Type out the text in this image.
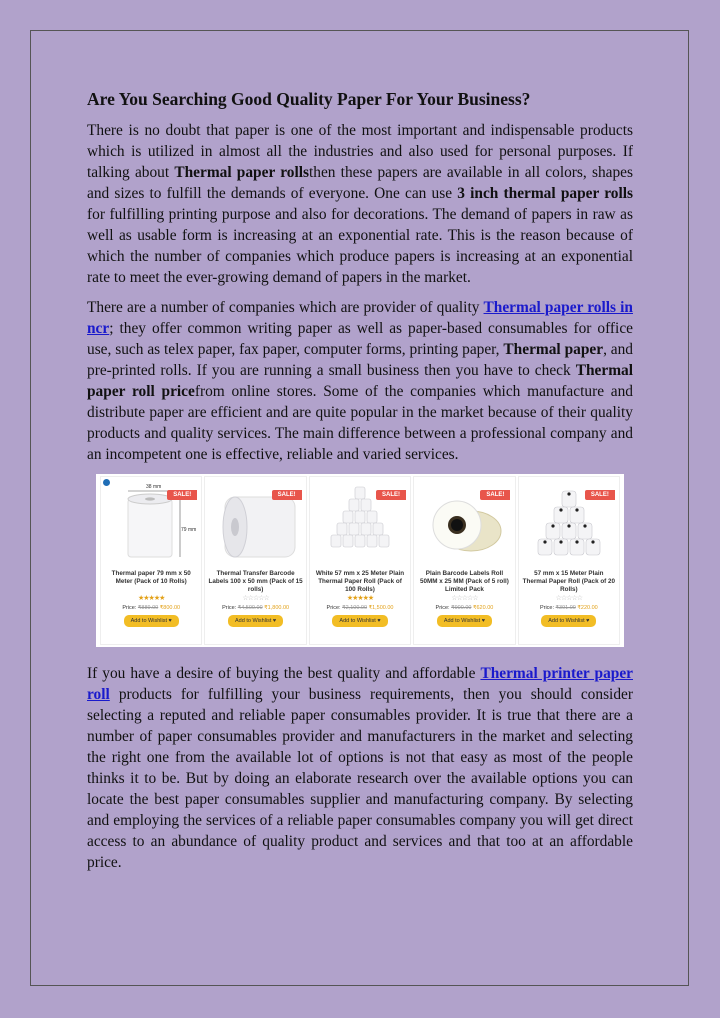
Are You Searching Good Quality Paper For Your Business?

There is no doubt that paper is one of the most important and indispensable products which is utilized in almost all the industries and also used for personal purposes. If talking about Thermal paper rollsthen these papers are available in all colors, shapes and sizes to fulfill the demands of everyone. One can use 3 inch thermal paper rolls for fulfilling printing purpose and also for decorations. The demand of papers in raw as well as usable form is increasing at an exponential rate. This is the reason because of which the number of companies which produce papers is increasing at an exponential rate to meet the ever-growing demand of papers in the market.

There are a number of companies which are provider of quality Thermal paper rolls in ncr; they offer common writing paper as well as paper-based consumables for office use, such as telex paper, fax paper, computer forms, printing paper, Thermal paper, and pre-printed rolls. If you are running a small business then you have to check Thermal paper roll pricefrom online stores. Some of the companies which manufacture and distribute paper are efficient and are quite popular in the market because of their quality products and quality services. The main difference between a professional company and an incompetent one is effective, reliable and varied services.

38 mm
79 mm
SALE!
Thermal paper 79 mm x 50 Meter (Pack of 10 Rolls)
★★★★★
Price: ₹889.00 ₹800.00
Add to Wishlist ♥
SALE!
Thermal Transfer Barcode Labels 100 x 50 mm (Pack of 15 rolls)
☆☆☆☆☆
Price: ₹4,500.00 ₹1,800.00
Add to Wishlist ♥
SALE!
White 57 mm x 25 Meter Plain Thermal Paper Roll (Pack of 100 Rolls)
★★★★★
Price: ₹2,100.00 ₹1,500.00
Add to Wishlist ♥
SALE!
Plain Barcode Labels Roll 50MM x 25 MM (Pack of 5 roll) Limited Pack
☆☆☆☆☆
Price: ₹900.00 ₹620.00
Add to Wishlist ♥
SALE!
57 mm x 15 Meter Plain Thermal Paper Roll (Pack of 20 Rolls)
☆☆☆☆☆
Price: ₹391.00 ₹220.00
Add to Wishlist ♥

If you have a desire of buying the best quality and affordable Thermal printer paper roll products for fulfilling your business requirements, then you should consider selecting a reputed and reliable paper consumables provider. It is true that there are a number of paper consumables provider and manufacturers in the market and selecting the right one from the available lot of options is not that easy as most of the people thinks it to be. But by doing an elaborate research over the available options you can locate the best paper consumables supplier and manufacturing company. By selecting and employing the services of a reliable paper consumables company you will get direct access to an abundance of quality product and services and that too at an affordable price.
